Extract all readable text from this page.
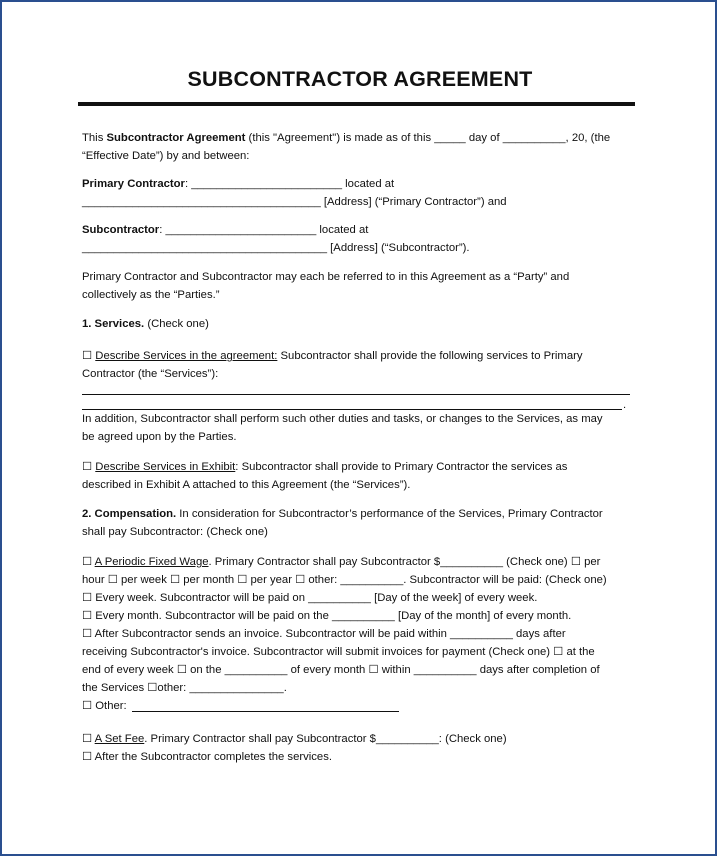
SUBCONTRACTOR AGREEMENT
This Subcontractor Agreement (this "Agreement") is made as of this _____ day of __________, 20, (the
“Effective Date”) by and between:
Primary Contractor: ________________________ located at
______________________________________ [Address] (“Primary Contractor”) and
Subcontractor: ________________________ located at
_______________________________________ [Address] (“Subcontractor”).
Primary Contractor and Subcontractor may each be referred to in this Agreement as a “Party” and
collectively as the “Parties.”
1. Services. (Check one)
☐ Describe Services in the agreement: Subcontractor shall provide the following services to Primary
Contractor (the “Services”):
.
In addition, Subcontractor shall perform such other duties and tasks, or changes to the Services, as may
be agreed upon by the Parties.
☐ Describe Services in Exhibit: Subcontractor shall provide to Primary Contractor the services as
described in Exhibit A attached to this Agreement (the “Services”).
2. Compensation. In consideration for Subcontractor’s performance of the Services, Primary Contractor
shall pay Subcontractor: (Check one)
☐ A Periodic Fixed Wage. Primary Contractor shall pay Subcontractor $__________ (Check one) ☐ per
hour ☐ per week ☐ per month ☐ per year ☐ other: __________. Subcontractor will be paid: (Check one)
☐ Every week. Subcontractor will be paid on __________ [Day of the week] of every week.
☐ Every month. Subcontractor will be paid on the __________ [Day of the month] of every month.
☐ After Subcontractor sends an invoice. Subcontractor will be paid within __________ days after
receiving Subcontractor's invoice. Subcontractor will submit invoices for payment (Check one) ☐ at the
end of every week ☐ on the __________ of every month ☐ within __________ days after completion of
the Services ☐other: _______________.
☐ Other:
☐ A Set Fee. Primary Contractor shall pay Subcontractor $__________: (Check one)
☐ After the Subcontractor completes the services.
